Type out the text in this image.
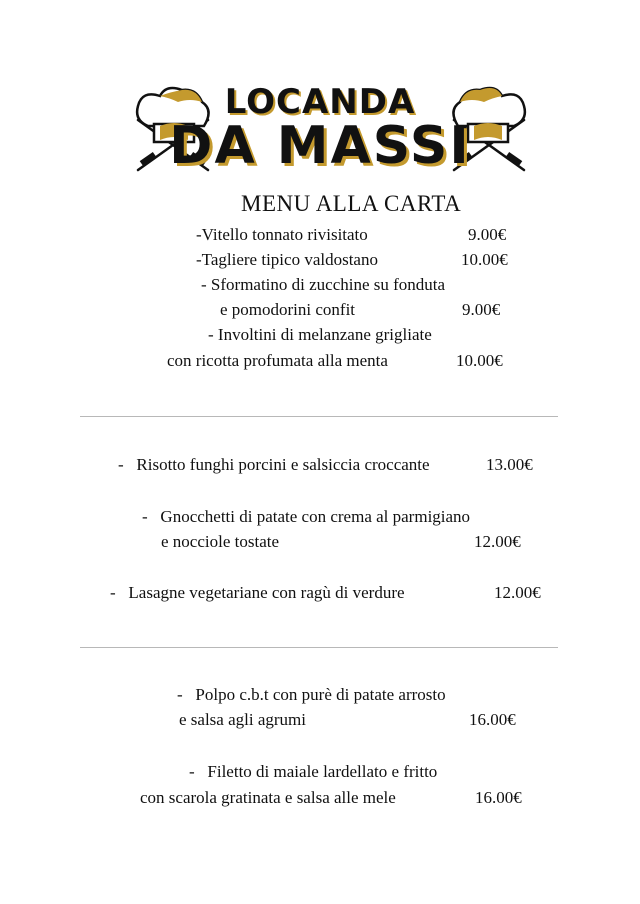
LOCANDA
DA MASSI
MENU ALLA CARTA
-Vitello tonnato rivisitato	9.00€
-Tagliere tipico valdostano	10.00€
- Sformatino di zucchine su fonduta
e pomodorini confit	9.00€
- Involtini di melanzane grigliate
con ricotta profumata alla menta	10.00€
-   Risotto funghi porcini e salsiccia croccante	13.00€
-   Gnocchetti di patate con crema al parmigiano
e nocciole tostate	12.00€
-   Lasagne vegetariane con ragù di verdure	12.00€
-   Polpo c.b.t con purè di patate arrosto
e salsa agli agrumi	16.00€
-   Filetto di maiale lardellato e fritto
con scarola gratinata e salsa alle mele	16.00€
